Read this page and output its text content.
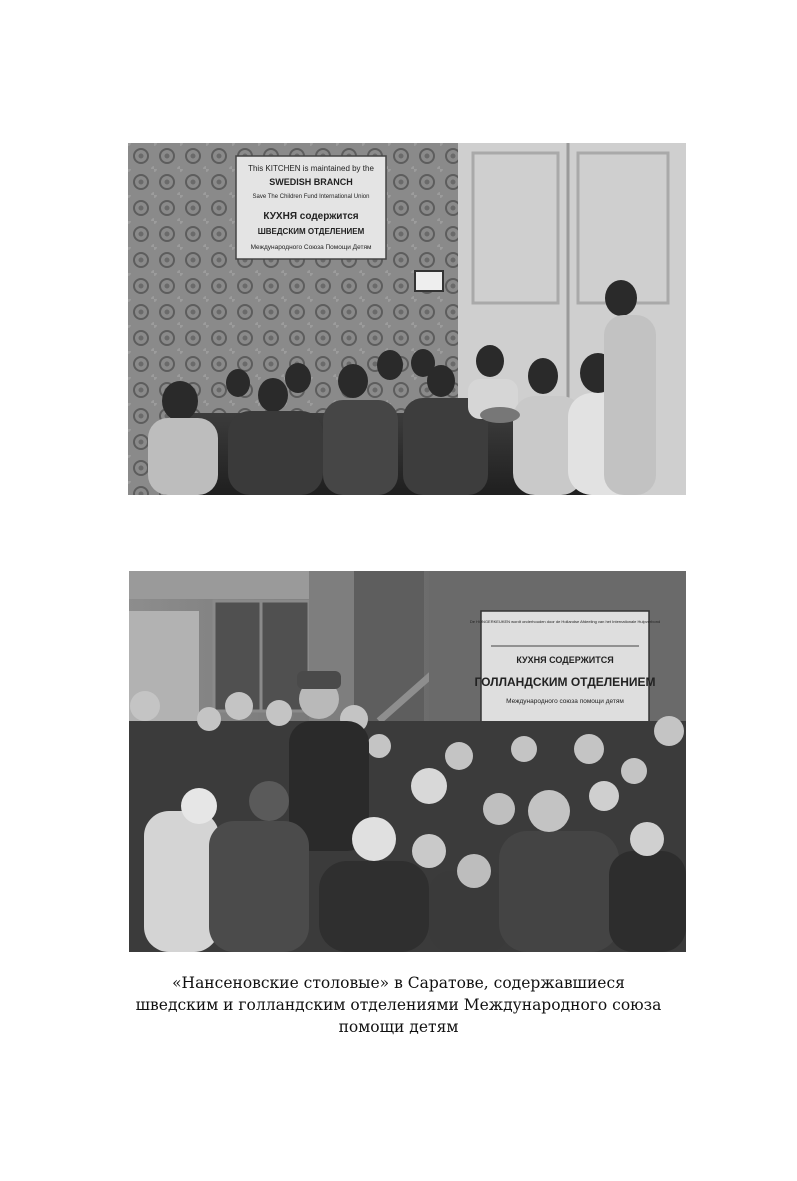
This KITCHEN is maintained by the
SWEDISH BRANCH
Save The Children Fund International Union
КУХНЯ содержится
ШВЕДСКИМ ОТДЕЛЕНИЕМ
Международного Союза Помощи Детям
De HONGERKEUKEN wordt onderhouden door de Hollandse Afdeeling van het Internationale Hulpverbond
КУХНЯ СОДЕРЖИТСЯ
ГОЛЛАНДСКИМ ОТДЕЛЕНИЕМ
Международного союза помощи детям
«Нансеновские столовые» в Саратове, содержавшиеся
шведским и голландским отделениями Международного союза
помощи детям
